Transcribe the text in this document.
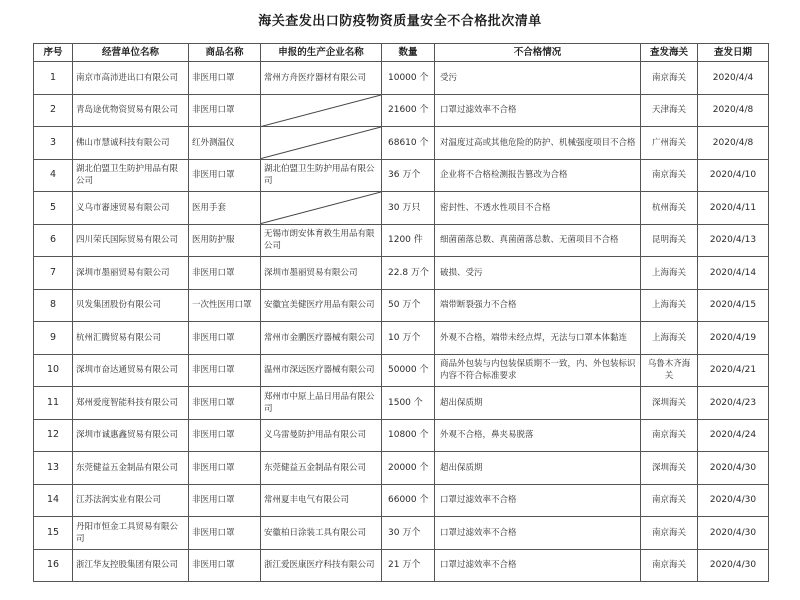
海关查发出口防疫物资质量安全不合格批次清单
序号	经营单位名称	商品名称	申报的生产企业名称	数量	不合格情况	查发海关	查发日期
1	南京市高沛进出口有限公司	非医用口罩	常州方舟医疗器材有限公司	10000 个	受污	南京海关	2020/4/4
2	青岛途优物资贸易有限公司	非医用口罩		21600 个	口罩过滤效率不合格	天津海关	2020/4/8
3	佛山市慧诚科技有限公司	红外测温仪		68610 个	对温度过高或其他危险的防护、机械强度项目不合格	广州海关	2020/4/8
4	湖北伯盟卫生防护用品有限公司	非医用口罩	湖北伯盟卫生防护用品有限公司	36 万个	企业将不合格检测报告篡改为合格	南京海关	2020/4/10
5	义乌市審速贸易有限公司	医用手套		30 万只	密封性、不透水性项目不合格	杭州海关	2020/4/11
6	四川荣氏国际贸易有限公司	医用防护服	无锡市朗安体育救生用品有限公司	1200 件	细菌菌落总数、真菌菌落总数、无菌项目不合格	昆明海关	2020/4/13
7	深圳市墨丽贸易有限公司	非医用口罩	深圳市墨丽贸易有限公司	22.8 万个	破损、受污	上海海关	2020/4/14
8	贝发集团股份有限公司	一次性医用口罩	安徽宜美健医疗用品有限公司	50 万个	端带断裂强力不合格	上海海关	2020/4/15
9	杭州汇腾贸易有限公司	非医用口罩	常州市金鹏医疗器械有限公司	10 万个	外观不合格，端带未经点焊，无法与口罩本体黏连	上海海关	2020/4/19
10	深圳市奋达通贸易有限公司	非医用口罩	温州市深远医疗器械有限公司	50000 个	商品外包装与内包装保质期不一致，内、外包装标识内容不符合标准要求	乌鲁木齐海关	2020/4/21
11	郑州爱度智能科技有限公司	非医用口罩	郑州市中原上品日用品有限公司	1500 个	超出保质期	深圳海关	2020/4/23
12	深圳市诚惠鑫贸易有限公司	非医用口罩	义乌雷曼防护用品有限公司	10800 个	外观不合格，鼻夹易脱落	南京海关	2020/4/24
13	东莞健益五金制品有限公司	非医用口罩	东莞健益五金制品有限公司	20000 个	超出保质期	深圳海关	2020/4/30
14	江苏法润实业有限公司	非医用口罩	常州夏丰电气有限公司	66000 个	口罩过滤效率不合格	南京海关	2020/4/30
15	丹阳市恒金工具贸易有限公司	非医用口罩	安徽柏日涂装工具有限公司	30 万个	口罩过滤效率不合格	南京海关	2020/4/30
16	浙江华友控股集团有限公司	非医用口罩	浙江爱医康医疗科技有限公司	21 万个	口罩过滤效率不合格	南京海关	2020/4/30
